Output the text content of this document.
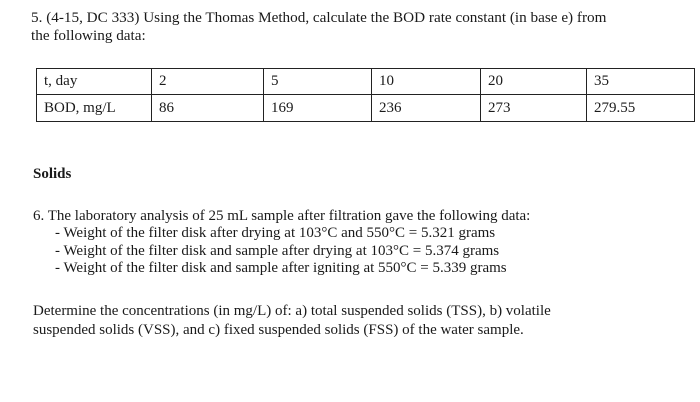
5. (4-15, DC 333) Using the Thomas Method, calculate the BOD rate constant (in base e) from
the following data:
t, day	2	5	10	20	35
BOD, mg/L	86	169	236	273	279.55
Solids
6. The laboratory analysis of 25 mL sample after filtration gave the following data:
- Weight of the filter disk after drying at 103°C and 550°C = 5.321 grams
- Weight of the filter disk and sample after drying at 103°C = 5.374 grams
- Weight of the filter disk and sample after igniting at 550°C = 5.339 grams
Determine the concentrations (in mg/L) of: a) total suspended solids (TSS), b) volatile
suspended solids (VSS), and c) fixed suspended solids (FSS) of the water sample.
